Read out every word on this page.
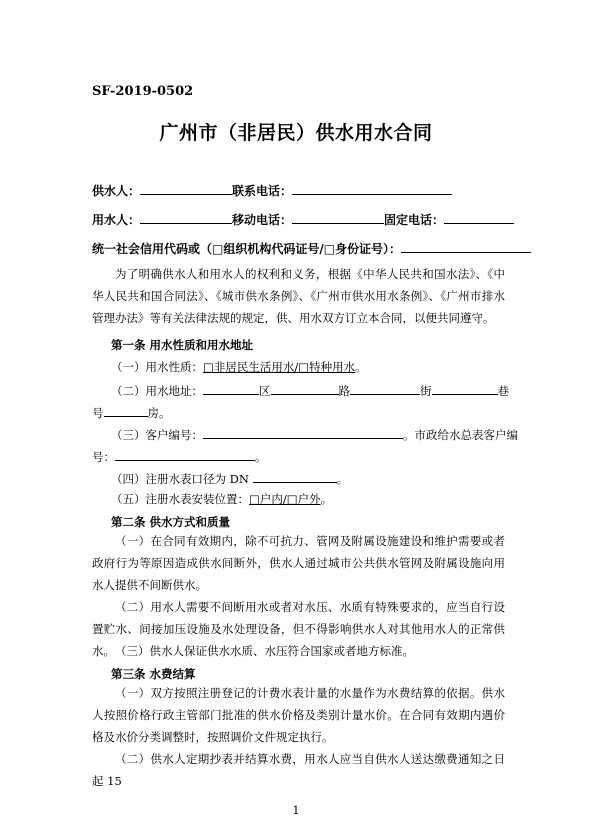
SF-2019-0502
广州市（非居民）供水用水合同
供水人：	联系电话：
用水人：	移动电话：	固定电话：
统一社会信用代码或（□组织机构代码证号/□身份证号）：
为了明确供水人和用水人的权利和义务，根据《中华人民共和国水法》、《中华人民共和国合同法》、《城市供水条例》、《广州市供水用水条例》、《广州市排水管理办法》等有关法律法规的规定，供、用水双方订立本合同，以便共同遵守。
第一条 用水性质和用水地址
（一）用水性质：□非居民生活用水/□特种用水。
（二）用水地址：	区	路	街	巷
号	房。
（三）客户编号：	。市政给水总表客户编
号：	。
（四）注册水表口径为 DN	。
（五）注册水表安装位置：□户内/□户外。
第二条 供水方式和质量
（一）在合同有效期内，除不可抗力、管网及附属设施建设和维护需要或者政府行为等原因造成供水间断外，供水人通过城市公共供水管网及附属设施向用水人提供不间断供水。
（二）用水人需要不间断用水或者对水压、水质有特殊要求的，应当自行设置贮水、间接加压设施及水处理设备，但不得影响供水人对其他用水人的正常供水。 （三）供水人保证供水水质、水压符合国家或者地方标准。
第三条 水费结算
（一）双方按照注册登记的计费水表计量的水量作为水费结算的依据。供水人按照价格行政主管部门批准的供水价格及类别计量水价。在合同有效期内遇价格及水价分类调整时，按照调价文件规定执行。
（二）供水人定期抄表并结算水费，用水人应当自供水人送达缴费通知之日起 15
1
